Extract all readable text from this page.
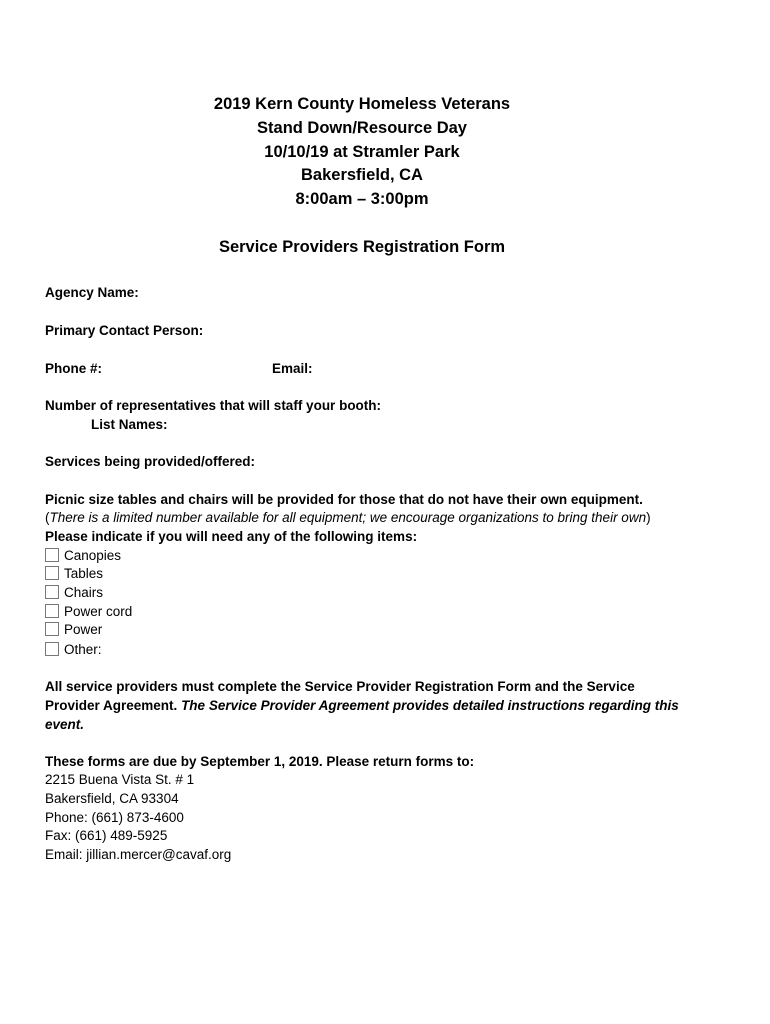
2019 Kern County Homeless Veterans
Stand Down/Resource Day
10/10/19 at Stramler Park
Bakersfield, CA
8:00am – 3:00pm
Service Providers Registration Form
Agency Name:
Primary Contact Person:
Phone #:	Email:
Number of representatives that will staff your booth:
List Names:
Services being provided/offered:
Picnic size tables and chairs will be provided for those that do not have their own equipment.
(There is a limited number available for all equipment; we encourage organizations to bring their own)
Please indicate if you will need any of the following items:
Canopies
Tables
Chairs
Power cord
Power
Other:
All service providers must complete the Service Provider Registration Form and the Service Provider Agreement. The Service Provider Agreement provides detailed instructions regarding this event.
These forms are due by September 1, 2019. Please return forms to:
2215 Buena Vista St. # 1
Bakersfield, CA 93304
Phone: (661) 873-4600
Fax: (661) 489-5925
Email: jillian.mercer@cavaf.org
